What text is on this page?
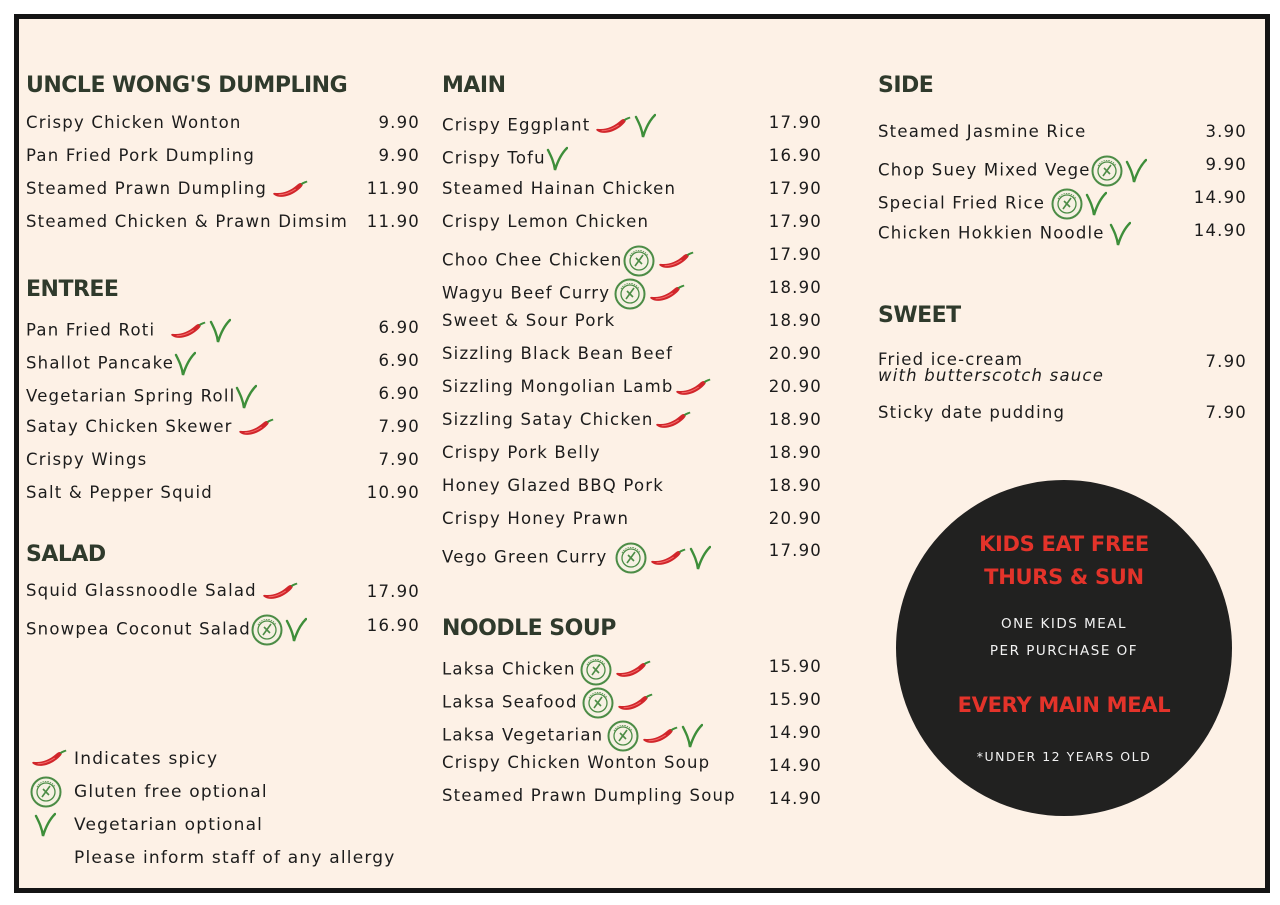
UNCLE WONG'S DUMPLING
Crispy Chicken Wonton	9.90
Pan Fried Pork Dumpling	9.90
Steamed Prawn Dumpling	11.90
Steamed Chicken & Prawn Dimsim	11.90
ENTREE
Pan Fried Roti	6.90
Shallot Pancake	6.90
Vegetarian Spring Roll	6.90
Satay Chicken Skewer	7.90
Crispy Wings	7.90
Salt & Pepper Squid	10.90
SALAD
Squid Glassnoodle Salad	17.90
Snowpea Coconut Salad	16.90
Indicates spicy
Gluten free optional
Vegetarian optional
Please inform staff of any allergy
MAIN
Crispy Eggplant	17.90
Crispy Tofu	16.90
Steamed Hainan Chicken	17.90
Crispy Lemon Chicken	17.90
Choo Chee Chicken	17.90
Wagyu Beef Curry	18.90
Sweet & Sour Pork	18.90
Sizzling Black Bean Beef	20.90
Sizzling Mongolian Lamb	20.90
Sizzling Satay Chicken	18.90
Crispy Pork Belly	18.90
Honey Glazed BBQ Pork	18.90
Crispy Honey Prawn	20.90
Vego Green Curry	17.90
NOODLE SOUP
Laksa Chicken	15.90
Laksa Seafood	15.90
Laksa Vegetarian	14.90
Crispy Chicken Wonton Soup	14.90
Steamed Prawn Dumpling Soup	14.90
SIDE
Steamed Jasmine Rice	3.90
Chop Suey Mixed Vege	9.90
Special Fried Rice	14.90
Chicken Hokkien Noodle	14.90
SWEET
Fried ice-cream
with butterscotch sauce
7.90
Sticky date pudding	7.90
KIDS EAT FREE
THURS & SUN
ONE KIDS MEAL
PER PURCHASE OF
EVERY MAIN MEAL
*UNDER 12 YEARS OLD
